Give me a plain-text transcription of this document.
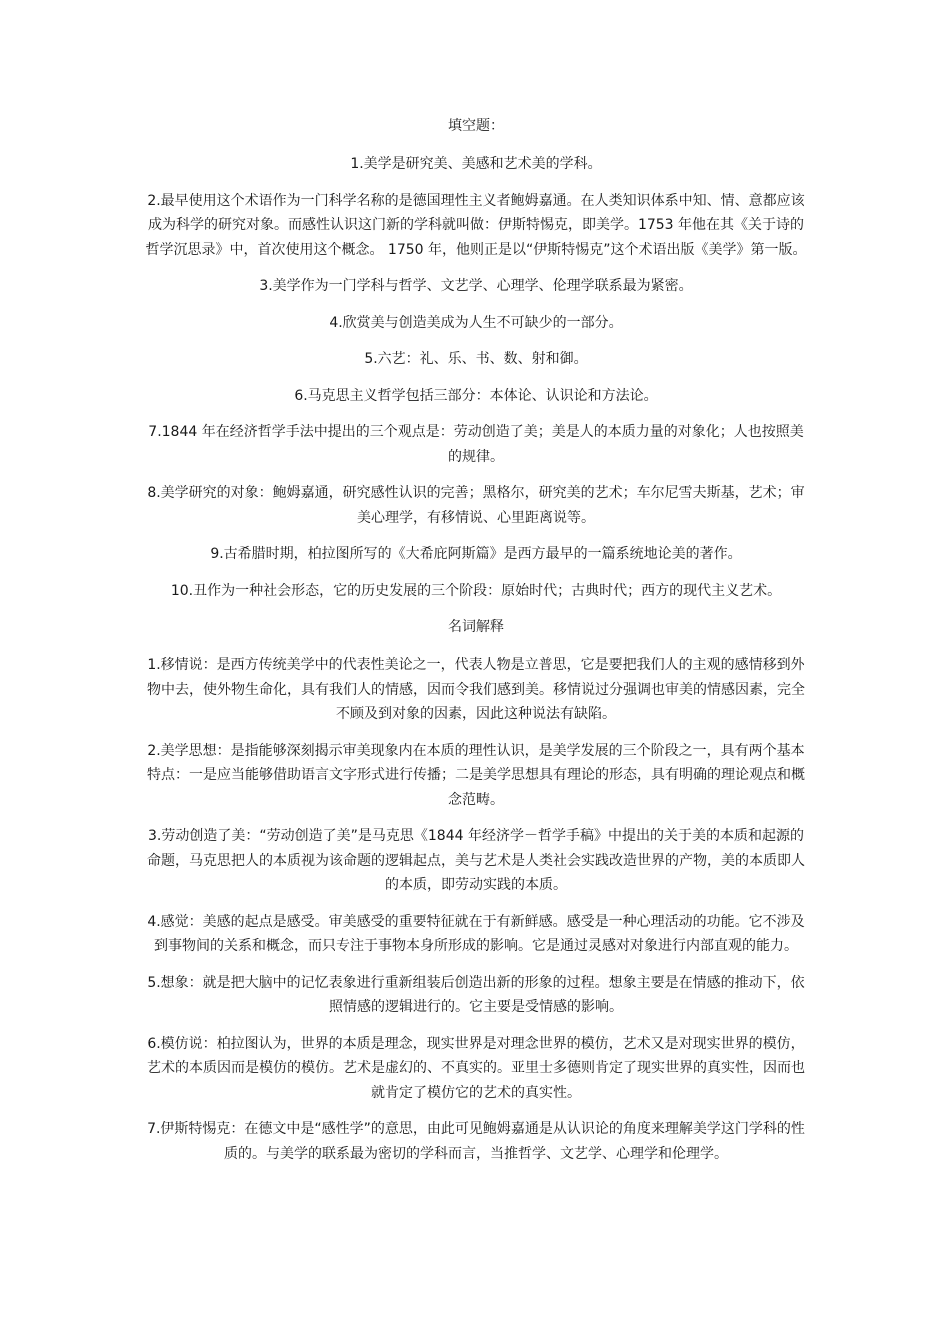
填空题：

1.美学是研究美、美感和艺术美的学科。

2.最早使用这个术语作为一门科学名称的是德国理性主义者鲍姆嘉通。在人类知识体系中知、情、意都应该成为科学的研究对象。而感性认识这门新的学科就叫做：伊斯特惕克，即美学。1753 年他在其《关于诗的哲学沉思录》中，首次使用这个概念。 1750 年，他则正是以“伊斯特惕克”这个术语出版《美学》第一版。

3.美学作为一门学科与哲学、文艺学、心理学、伦理学联系最为紧密。

4.欣赏美与创造美成为人生不可缺少的一部分。

5.六艺：礼、乐、书、数、射和御。

6.马克思主义哲学包括三部分：本体论、认识论和方法论。

7.1844 年在经济哲学手法中提出的三个观点是：劳动创造了美；美是人的本质力量的对象化；人也按照美的规律。

8.美学研究的对象：鲍姆嘉通，研究感性认识的完善；黑格尔，研究美的艺术；车尔尼雪夫斯基，艺术；审美心理学，有移情说、心里距离说等。

9.古希腊时期，柏拉图所写的《大希庇阿斯篇》是西方最早的一篇系统地论美的著作。

10.丑作为一种社会形态，它的历史发展的三个阶段：原始时代；古典时代；西方的现代主义艺术。

名词解释

1.移情说：是西方传统美学中的代表性美论之一，代表人物是立普思，它是要把我们人的主观的感情移到外物中去，使外物生命化，具有我们人的情感，因而令我们感到美。移情说过分强调也审美的情感因素，完全不顾及到对象的因素，因此这种说法有缺陷。

2.美学思想：是指能够深刻揭示审美现象内在本质的理性认识，是美学发展的三个阶段之一，具有两个基本特点：一是应当能够借助语言文字形式进行传播；二是美学思想具有理论的形态，具有明确的理论观点和概念范畴。

3.劳动创造了美：“劳动创造了美”是马克思《1844 年经济学－哲学手稿》中提出的关于美的本质和起源的命题，马克思把人的本质视为该命题的逻辑起点，美与艺术是人类社会实践改造世界的产物，美的本质即人的本质，即劳动实践的本质。

4.感觉：美感的起点是感受。审美感受的重要特征就在于有新鲜感。感受是一种心理活动的功能。它不涉及到事物间的关系和概念，而只专注于事物本身所形成的影响。它是通过灵感对对象进行内部直观的能力。

5.想象：就是把大脑中的记忆表象进行重新组装后创造出新的形象的过程。想象主要是在情感的推动下，依照情感的逻辑进行的。它主要是受情感的影响。

6.模仿说：柏拉图认为，世界的本质是理念，现实世界是对理念世界的模仿，艺术又是对现实世界的模仿，艺术的本质因而是模仿的模仿。艺术是虚幻的、不真实的。亚里士多德则肯定了现实世界的真实性，因而也就肯定了模仿它的艺术的真实性。

7.伊斯特惕克：在德文中是“感性学”的意思，由此可见鲍姆嘉通是从认识论的角度来理解美学这门学科的性质的。与美学的联系最为密切的学科而言，当推哲学、文艺学、心理学和伦理学。
